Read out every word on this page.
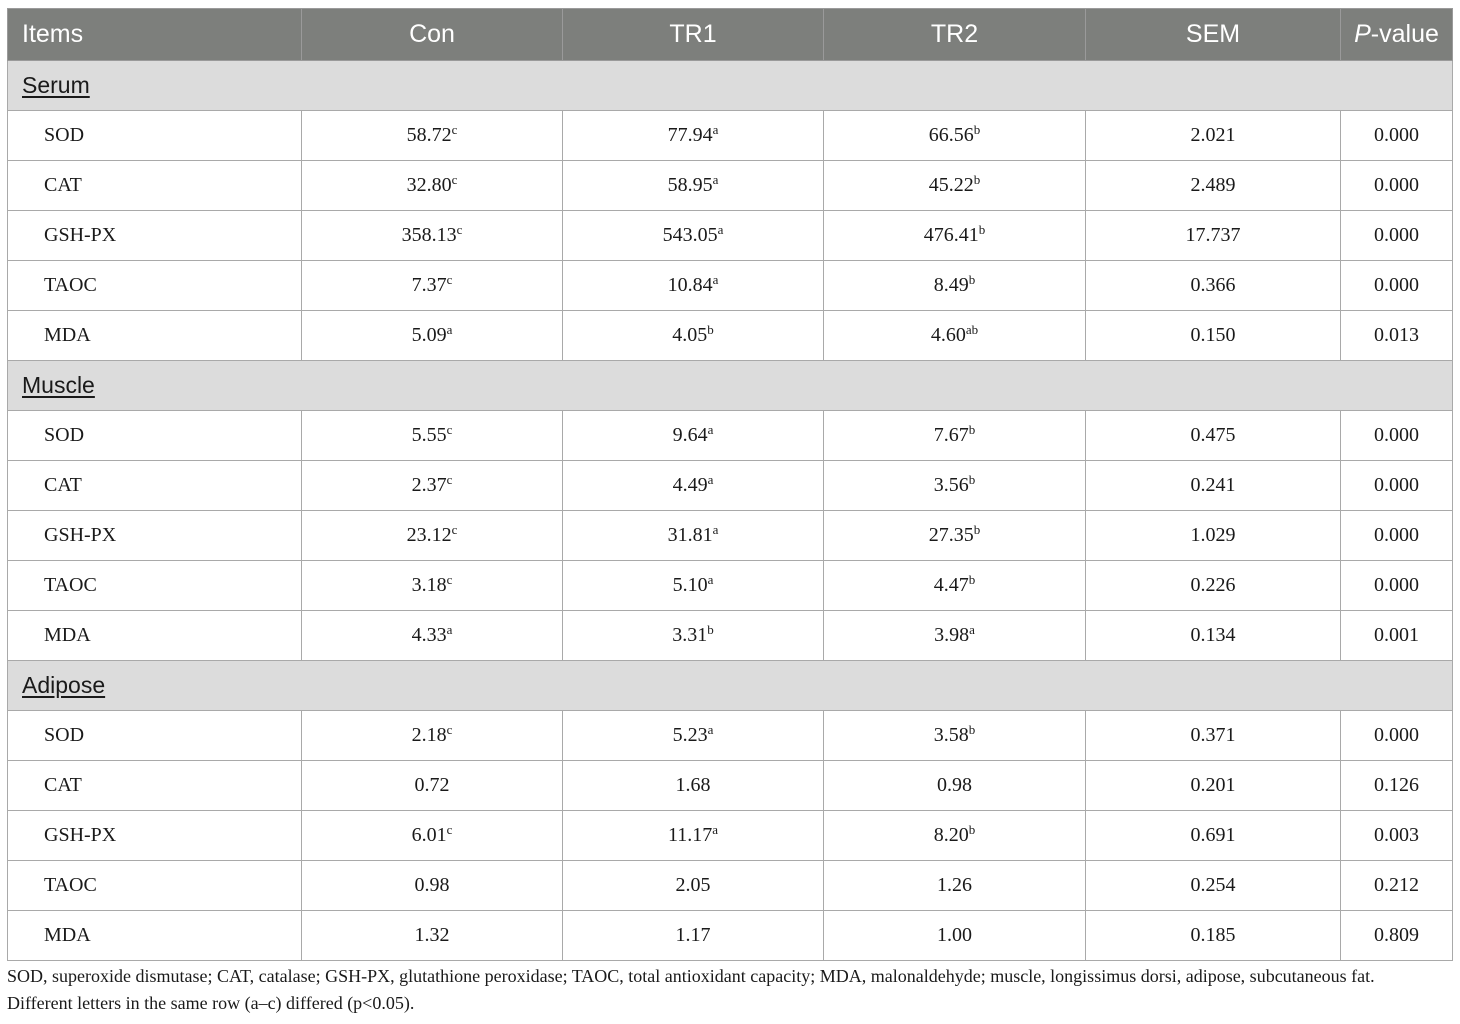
Items	Con	TR1	TR2	SEM	P-value
Serum					
SOD	58.72$^c$	77.94$^a$	66.56$^b$	2.021	0.000
CAT	32.80$^c$	58.95$^a$	45.22$^b$	2.489	0.000
GSH-PX	358.13$^c$	543.05$^a$	476.41$^b$	17.737	0.000
TAOC	7.37$^c$	10.84$^a$	8.49$^b$	0.366	0.000
MDA	5.09$^a$	4.05$^b$	4.60$^{ab}$	0.150	0.013
Muscle					
SOD	5.55$^c$	9.64$^a$	7.67$^b$	0.475	0.000
CAT	2.37$^c$	4.49$^a$	3.56$^b$	0.241	0.000
GSH-PX	23.12$^c$	31.81$^a$	27.35$^b$	1.029	0.000
TAOC	3.18$^c$	5.10$^a$	4.47$^b$	0.226	0.000
MDA	4.33$^a$	3.31$^b$	3.98$^a$	0.134	0.001
Adipose					
SOD	2.18$^c$	5.23$^a$	3.58$^b$	0.371	0.000
CAT	0.72	1.68	0.98	0.201	0.126
GSH-PX	6.01$^c$	11.17$^a$	8.20$^b$	0.691	0.003
TAOC	0.98	2.05	1.26	0.254	0.212
MDA	1.32	1.17	1.00	0.185	0.809
SOD, superoxide dismutase; CAT, catalase; GSH-PX, glutathione peroxidase; TAOC, total antioxidant capacity; MDA, malonaldehyde; muscle, longissimus dorsi, adipose, subcutaneous fat.
Different letters in the same row (a–c) differed (p<0.05).
